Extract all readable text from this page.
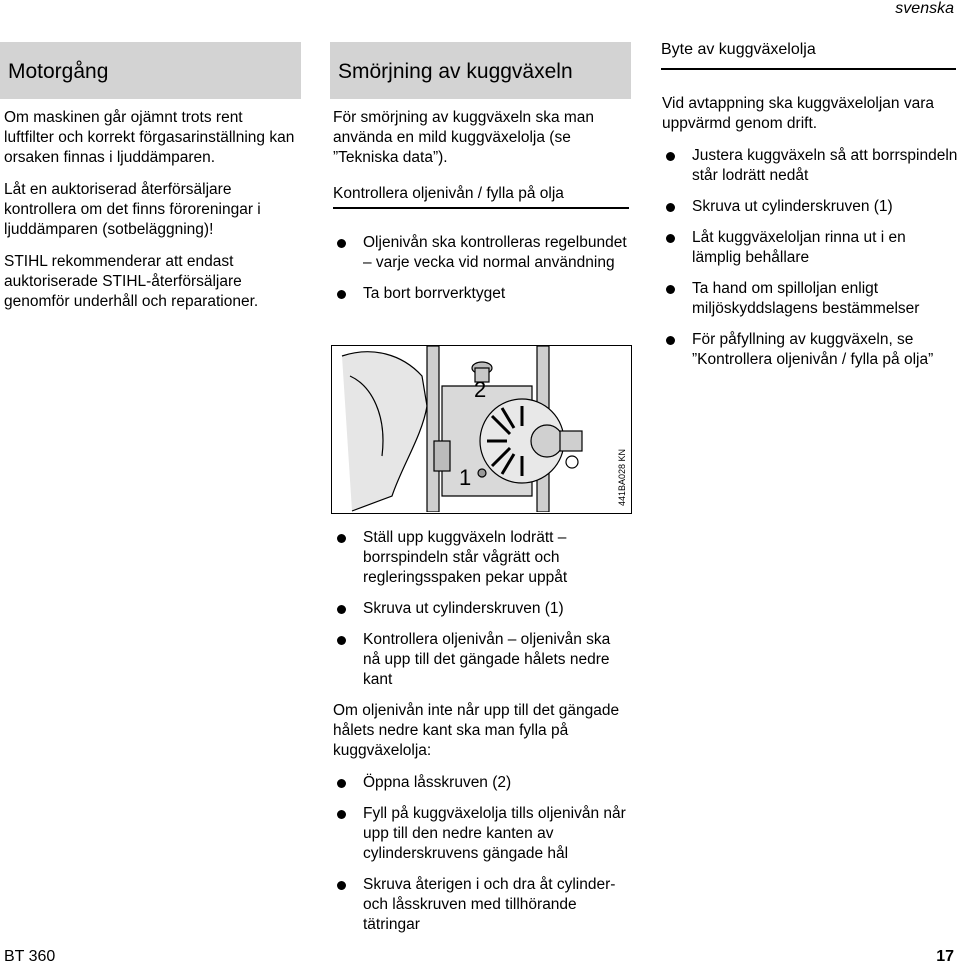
svenska
Motorgång

Om maskinen går ojämnt trots rent luftfilter och korrekt förgasarinställning kan orsaken finnas i ljuddämparen.

Låt en auktoriserad återförsäljare kontrollera om det finns föroreningar i ljuddämparen (sotbeläggning)!

STIHL rekommenderar att endast auktoriserade STIHL-återförsäljare genomför underhåll och reparationer.

Smörjning av kuggväxeln

För smörjning av kuggväxeln ska man använda en mild kuggväxelolja (se ”Tekniska data”).

Kontrollera oljenivån / fylla på olja
Oljenivån ska kontrolleras regelbundet – varje vecka vid normal användning
Ta bort borrverktyget
2
1	441BA028 KN
Ställ upp kuggväxeln lodrätt – borrspindeln står vågrätt och regleringsspaken pekar uppåt
Skruva ut cylinderskruven (1)
Kontrollera oljenivån – oljenivån ska nå upp till det gängade hålets nedre kant

Om oljenivån inte når upp till det gängade hålets nedre kant ska man fylla på kuggväxelolja:

Öppna låsskruven (2)
Fyll på kuggväxelolja tills oljenivån når upp till den nedre kanten av cylinderskruvens gängade hål
Skruva återigen i och dra åt cylinder- och låsskruven med tillhörande tätringar
Byte av kuggväxelolja

Vid avtappning ska kuggväxeloljan vara uppvärmd genom drift.

Justera kuggväxeln så att borrspindeln står lodrätt nedåt
Skruva ut cylinderskruven (1)
Låt kuggväxeloljan rinna ut i en lämplig behållare
Ta hand om spilloljan enligt miljöskyddslagens bestämmelser
För påfyllning av kuggväxeln, se ”Kontrollera oljenivån / fylla på olja”
BT 360	17
